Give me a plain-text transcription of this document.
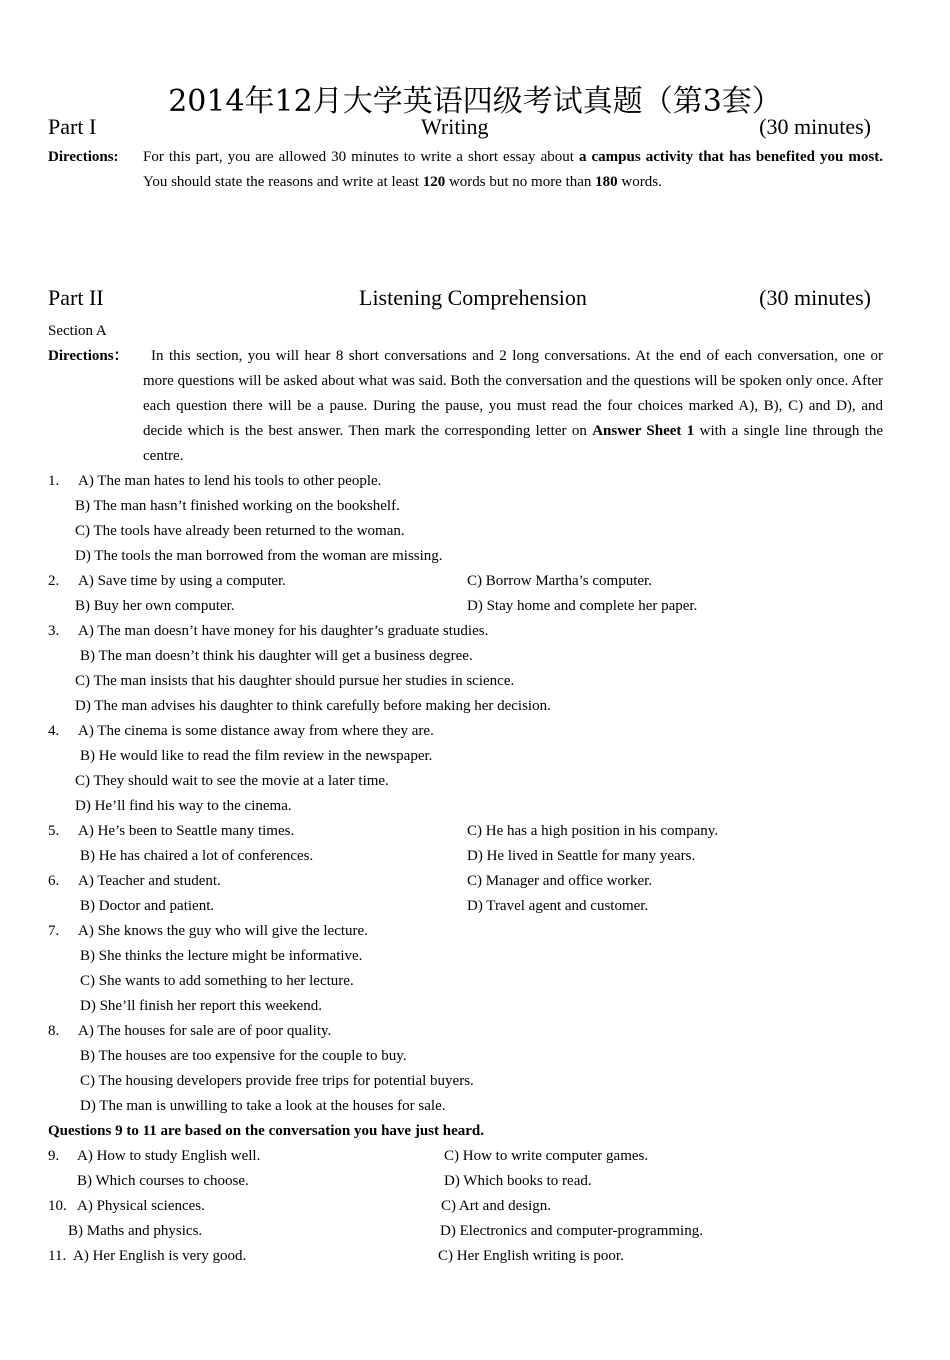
2014年12月大学英语四级考试真题（第3套）
Part I	Writing	(30 minutes)
Directions: For this part, you are allowed 30 minutes to write a short essay about a campus activity that has benefited you most. You should state the reasons and write at least 120 words but no more than 180 words.
Part II	Listening Comprehension	(30 minutes)
Section A
Directions：	In this section, you will hear 8 short conversations and 2 long conversations. At the end of each conversation, one or more questions will be asked about what was said. Both the conversation and the questions will be spoken only once. After each question there will be a pause. During the pause, you must read the four choices marked A), B), C) and D), and decide which is the best answer. Then mark the corresponding letter on Answer Sheet 1 with a single line through the centre.
1. A) The man hates to lend his tools to other people.
B) The man hasn’t finished working on the bookshelf.
C) The tools have already been returned to the woman.
D) The tools the man borrowed from the woman are missing.
2. A) Save time by using a computer.	C) Borrow Martha’s computer.
B) Buy her own computer.	D) Stay home and complete her paper.
3. A) The man doesn’t have money for his daughter’s graduate studies.
B) The man doesn’t think his daughter will get a business degree.
C) The man insists that his daughter should pursue her studies in science.
D) The man advises his daughter to think carefully before making her decision.
4. A) The cinema is some distance away from where they are.
B) He would like to read the film review in the newspaper.
C) They should wait to see the movie at a later time.
D) He’ll find his way to the cinema.
5. A) He’s been to Seattle many times.	C) He has a high position in his company.
B) He has chaired a lot of conferences.	D) He lived in Seattle for many years.
6. A) Teacher and student.	C) Manager and office worker.
B) Doctor and patient.	D) Travel agent and customer.
7. A) She knows the guy who will give the lecture.
B) She thinks the lecture might be informative.
C) She wants to add something to her lecture.
D) She’ll finish her report this weekend.
8. A) The houses for sale are of poor quality.
B) The houses are too expensive for the couple to buy.
C) The housing developers provide free trips for potential buyers.
D) The man is unwilling to take a look at the houses for sale.
Questions 9 to 11 are based on the conversation you have just heard.
9. A) How to study English well.	C) How to write computer games.
B) Which courses to choose.	D) Which books to read.
10. A) Physical sciences.	C) Art and design.
B) Maths and physics.	D) Electronics and computer-programming.
11. A) Her English is very good.	C) Her English writing is poor.
